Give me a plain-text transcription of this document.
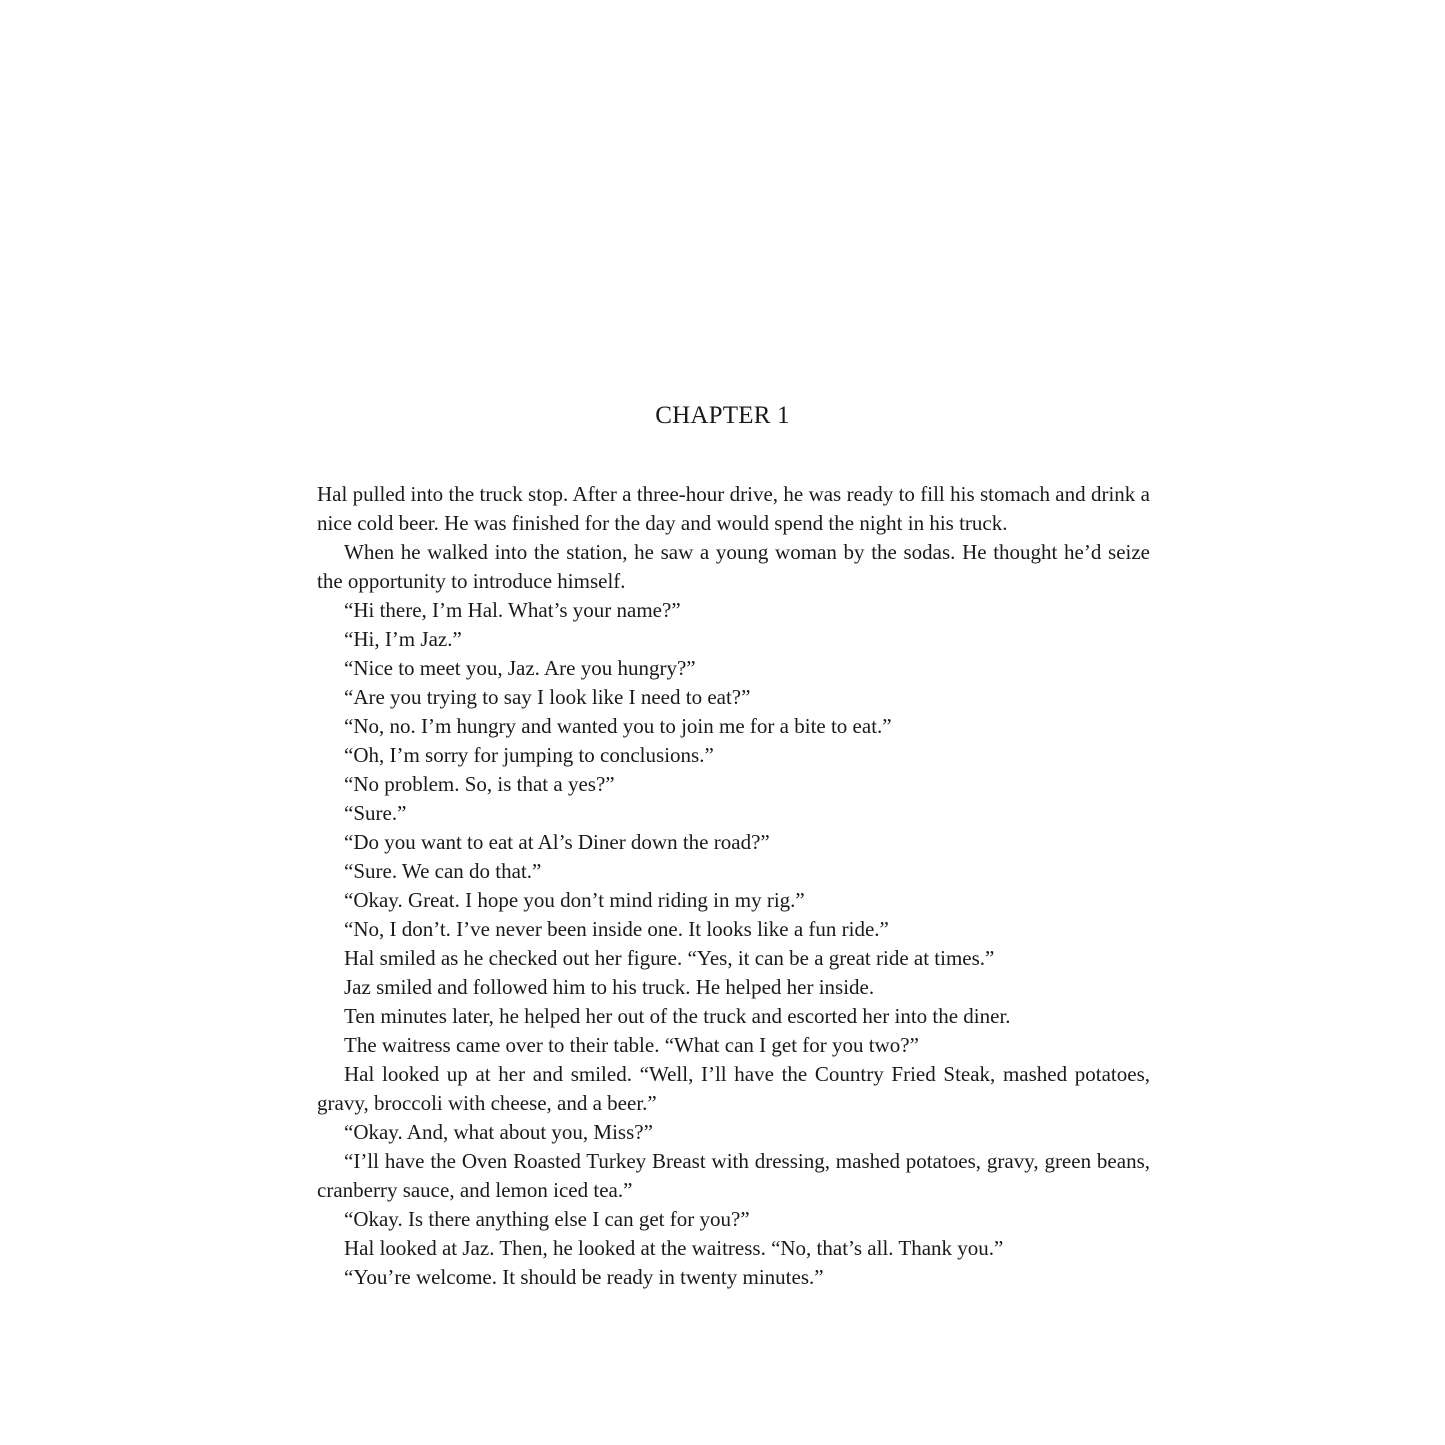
CHAPTER 1

Hal pulled into the truck stop. After a three-hour drive, he was ready to fill his stomach and drink a nice cold beer. He was finished for the day and would spend the night in his truck.

When he walked into the station, he saw a young woman by the sodas. He thought he’d seize the opportunity to introduce himself.

“Hi there, I’m Hal. What’s your name?”

“Hi, I’m Jaz.”

“Nice to meet you, Jaz. Are you hungry?”

“Are you trying to say I look like I need to eat?”

“No, no. I’m hungry and wanted you to join me for a bite to eat.”

“Oh, I’m sorry for jumping to conclusions.”

“No problem. So, is that a yes?”

“Sure.”

“Do you want to eat at Al’s Diner down the road?”

“Sure. We can do that.”

“Okay. Great. I hope you don’t mind riding in my rig.”

“No, I don’t. I’ve never been inside one. It looks like a fun ride.”

Hal smiled as he checked out her figure. “Yes, it can be a great ride at times.”

Jaz smiled and followed him to his truck. He helped her inside.

Ten minutes later, he helped her out of the truck and escorted her into the diner.

The waitress came over to their table. “What can I get for you two?”

Hal looked up at her and smiled. “Well, I’ll have the Country Fried Steak, mashed potatoes, gravy, broccoli with cheese, and a beer.”

“Okay. And, what about you, Miss?”

“I’ll have the Oven Roasted Turkey Breast with dressing, mashed potatoes, gravy, green beans, cranberry sauce, and lemon iced tea.”

“Okay. Is there anything else I can get for you?”

Hal looked at Jaz. Then, he looked at the waitress. “No, that’s all. Thank you.”

“You’re welcome. It should be ready in twenty minutes.”
